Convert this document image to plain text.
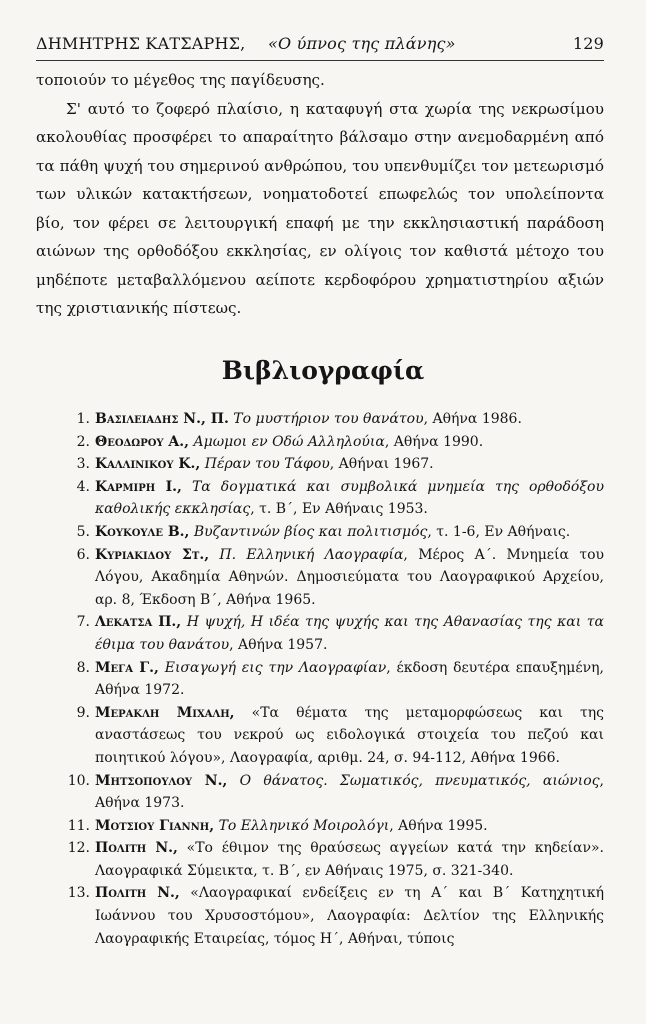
ΔΗΜΗΤΡΗΣ ΚΑΤΣΑΡΗΣ, «Ο ύπνος της πλάνης»	129

τοποιούν το μέγεθος της παγίδευσης.

Σ' αυτό το ζοφερό πλαίσιο, η καταφυγή στα χωρία της νεκρωσίμου ακολουθίας προσφέρει το απαραίτητο βάλσαμο στην ανεμοδαρμένη από τα πάθη ψυχή του σημερινού ανθρώπου, του υπενθυμίζει τον μετεωρισμό των υλικών κατακτήσεων, νοηματοδοτεί επωφελώς τον υπολείποντα βίο, τον φέρει σε λειτουργική επαφή με την εκκλησιαστική παράδοση αιώνων της ορθοδόξου εκκλησίας, εν ολίγοις τον καθιστά μέτοχο του μηδέποτε μεταβαλλόμενου αείποτε κερδοφόρου χρηματιστηρίου αξιών της χριστιανικής πίστεως.

Βιβλιογραφία
1. Βασιλειαδης Ν., Π. Το μυστήριον του θανάτου, Αθήνα 1986.
2. Θεοδωρου Α., Αμωμοι εν Οδώ Αλληλούια, Αθήνα 1990.
3. Καλλινικου Κ., Πέραν του Τάφου, Αθήναι 1967.
4. Καρμιρη Ι., Τα δογματικά και συμβολικά μνημεία της ορθοδόξου καθολικής εκκλησίας, τ. Β΄, Εν Αθήναις 1953.
5. Κουκουλε Β., Βυζαντινών βίος και πολιτισμός, τ. 1-6, Εν Αθήναις.
6. Κυριακιδου Στ., Π. Ελληνική Λαογραφία, Μέρος Α΄. Μνημεία του Λόγου, Ακαδημία Αθηνών. Δημοσιεύματα του Λαογραφικού Αρχείου, αρ. 8, Έκδοση Β΄, Αθήνα 1965.
7. Λεκατσα Π., Η ψυχή, Η ιδέα της ψυχής και της Αθανασίας της και τα έθιμα του θανάτου, Αθήνα 1957.
8. Μεγα Γ., Εισαγωγή εις την Λαογραφίαν, έκδοση δευτέρα επαυξημένη, Αθήνα 1972.
9. Μερακλη Μιχαλη, «Τα θέματα της μεταμορφώσεως και της αναστάσεως του νεκρού ως ειδολογικά στοιχεία του πεζού και ποιητικού λόγου», Λαογραφία, αριθμ. 24, σ. 94-112, Αθήνα 1966.
10. Μητσοπουλου Ν., Ο θάνατος. Σωματικός, πνευματικός, αιώνιος, Αθήνα 1973.
11. Μοτσιου Γιαννη, Το Ελληνικό Μοιρολόγι, Αθήνα 1995.
12. Πολιτη Ν., «Το έθιμον της θραύσεως αγγείων κατά την κηδείαν». Λαογραφικά Σύμεικτα, τ. Β΄, εν Αθήναις 1975, σ. 321-340.
13. Πολιτη Ν., «Λαογραφικαί ενδείξεις εν τη Α΄ και Β΄ Κατηχητική Ιωάννου του Χρυσοστόμου», Λαογραφία: Δελτίον της Ελληνικής Λαογραφικής Εταιρείας, τόμος Η΄, Αθήναι, τύποις
